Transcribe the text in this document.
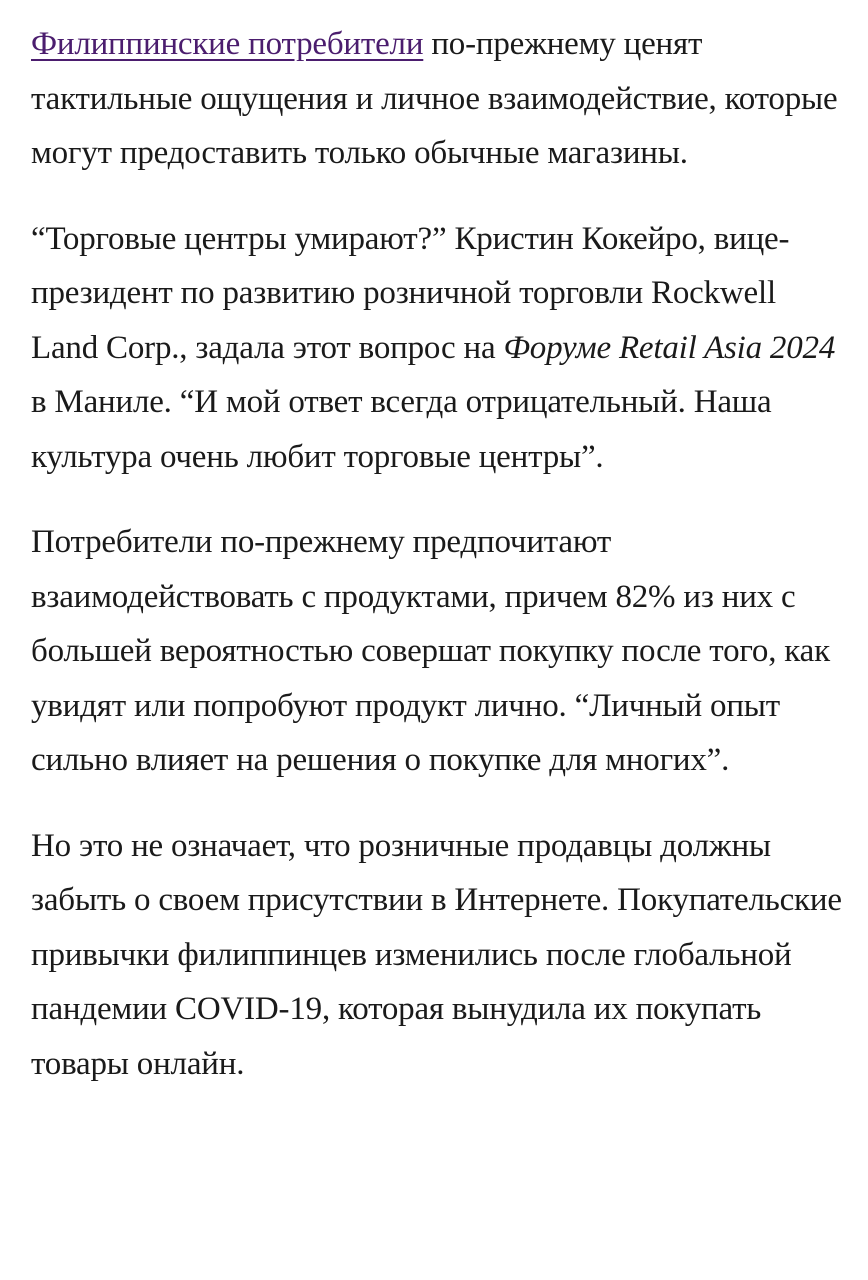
Филиппинские потребители по-прежнему ценят тактильные ощущения и личное взаимодействие, которые могут предоставить только обычные магазины.

“Торговые центры умирают?” Кристин Кокейро, вице-президент по развитию розничной торговли Rockwell Land Corp., задала этот вопрос на Форуме Retail Asia 2024 в Маниле. “И мой ответ всегда отрицательный. Наша культура очень любит торговые центры”.

Потребители по-прежнему предпочитают взаимодействовать с продуктами, причем 82% из них с большей вероятностью совершат покупку после того, как увидят или попробуют продукт лично. “Личный опыт сильно влияет на решения о покупке для многих”.

Но это не означает, что розничные продавцы должны забыть о своем присутствии в Интернете. Покупательские привычки филиппинцев изменились после глобальной пандемии COVID-19, которая вынудила их покупать товары онлайн.
